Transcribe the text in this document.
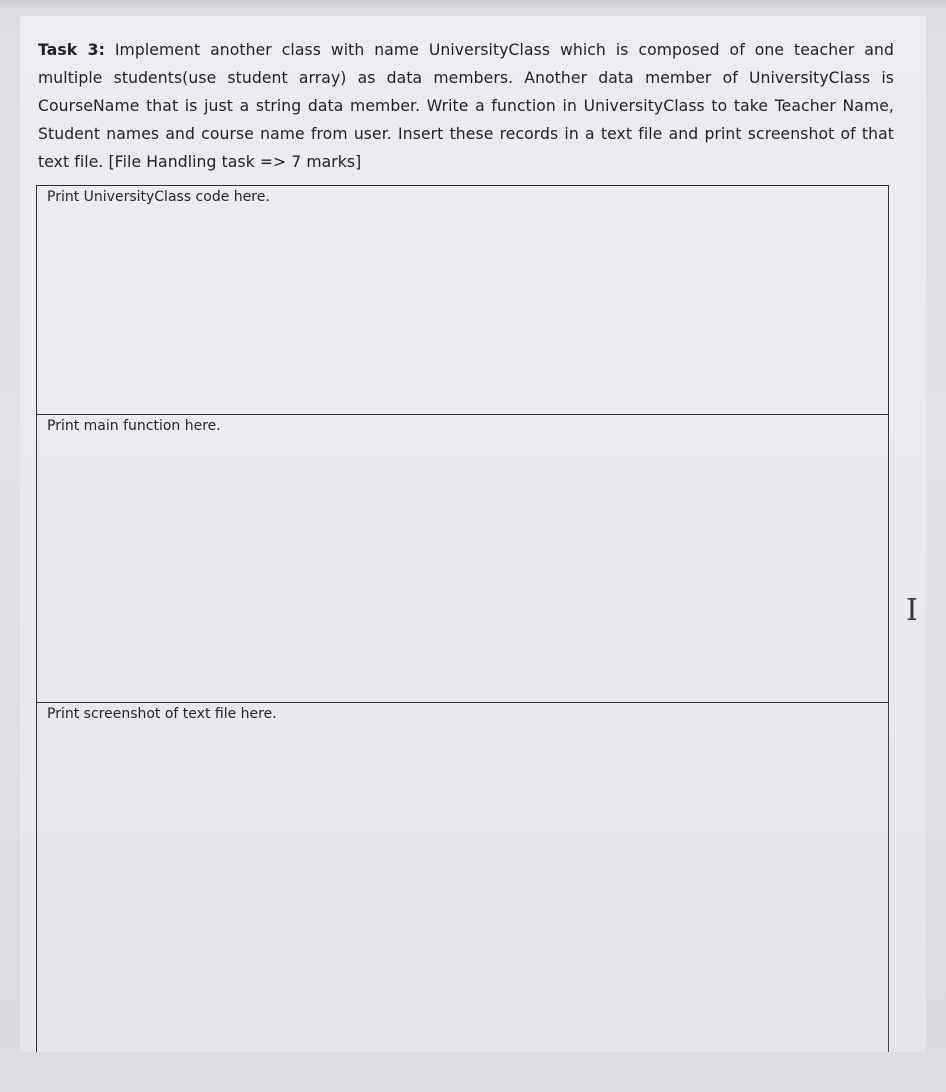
Task 3: Implement another class with name UniversityClass which is composed of one teacher and multiple students(use student array) as data members. Another data member of UniversityClass is CourseName that is just a string data member. Write a function in UniversityClass to take Teacher Name, Student names and course name from user. Insert these records in a text file and print screenshot of that text file. [File Handling task => 7 marks]

Print UniversityClass code here.
Print main function here.
Print screenshot of text file here.
I
